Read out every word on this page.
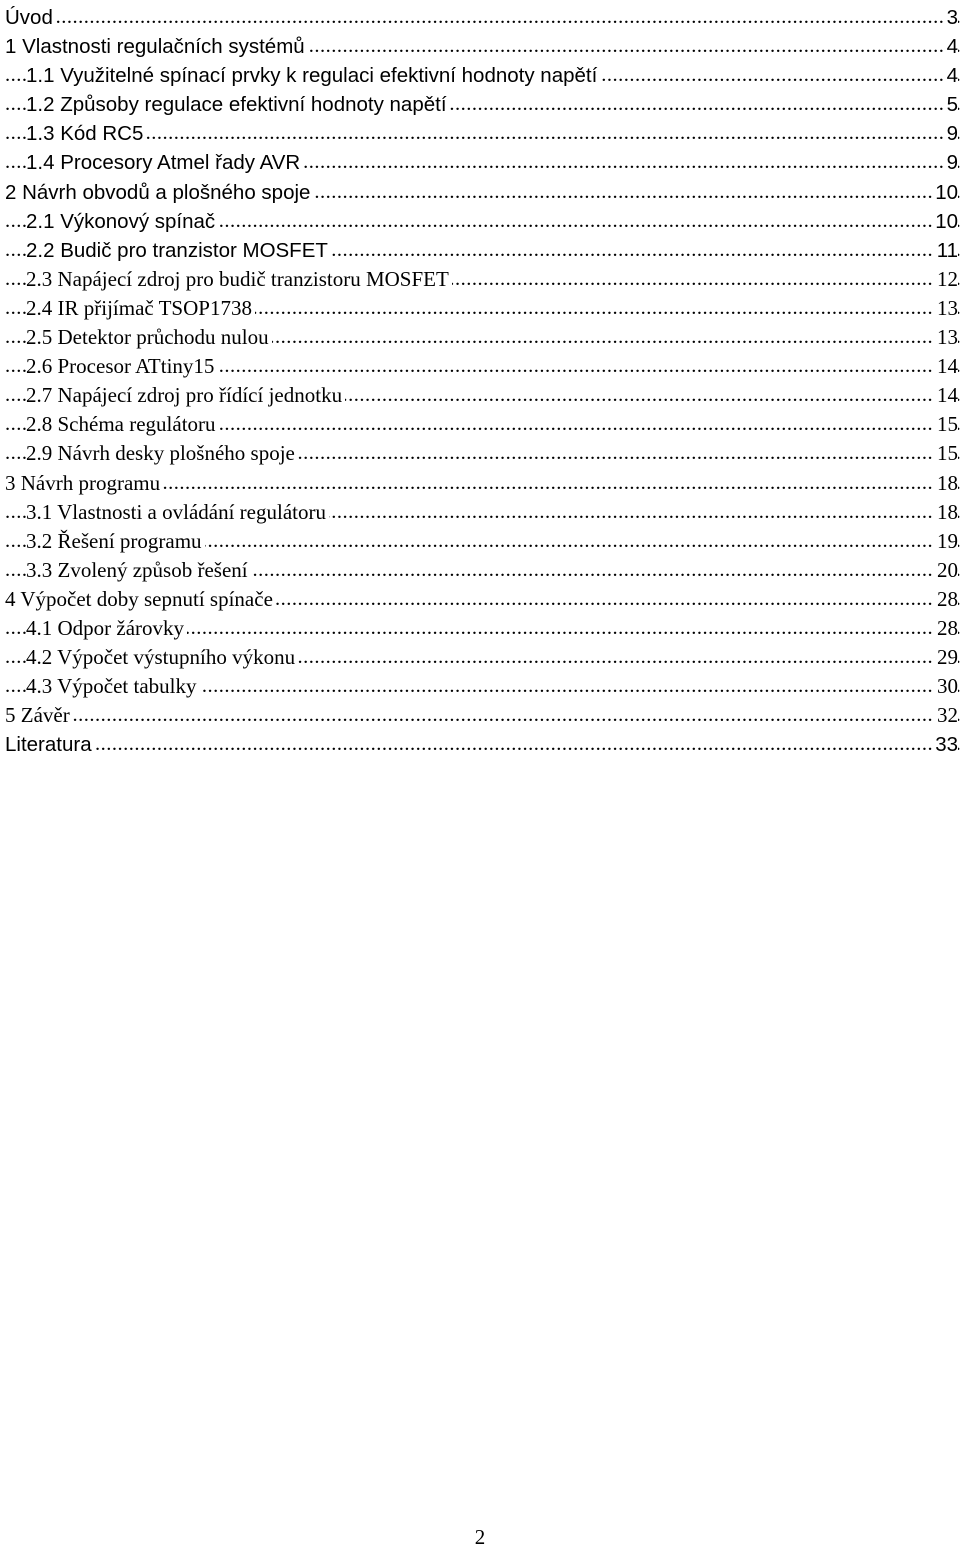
.....
Úvod	3
.....
1 Vlastnosti regulačních systémů	4
.....
1.1 Využitelné spínací prvky k regulaci efektivní hodnoty napětí	4
.....
1.2 Způsoby regulace efektivní hodnoty napětí	5
.....
1.3 Kód RC5	9
.....
1.4 Procesory Atmel řady AVR	9
.....
2 Návrh obvodů a plošného spoje	10
.....
2.1 Výkonový spínač	10
.....
2.2 Budič pro tranzistor MOSFET	11
.....
2.3 Napájecí zdroj pro budič tranzistoru MOSFET	12
.....
2.4 IR přijímač TSOP1738	13
.....
2.5 Detektor průchodu nulou	13
.....
2.6 Procesor ATtiny15	14
.....
2.7 Napájecí zdroj pro řídící jednotku	14
.....
2.8 Schéma regulátoru	15
.....
2.9 Návrh desky plošného spoje	15
.....
3 Návrh programu	18
.....
3.1 Vlastnosti a ovládání regulátoru	18
.....
3.2 Řešení programu	19
.....
3.3 Zvolený způsob řešení	20
.....
4 Výpočet doby sepnutí spínače	28
.....
4.1 Odpor žárovky	28
.....
4.2 Výpočet výstupního výkonu	29
.....
4.3 Výpočet tabulky	30
.....
5 Závěr	32
.....
Literatura	33
2
